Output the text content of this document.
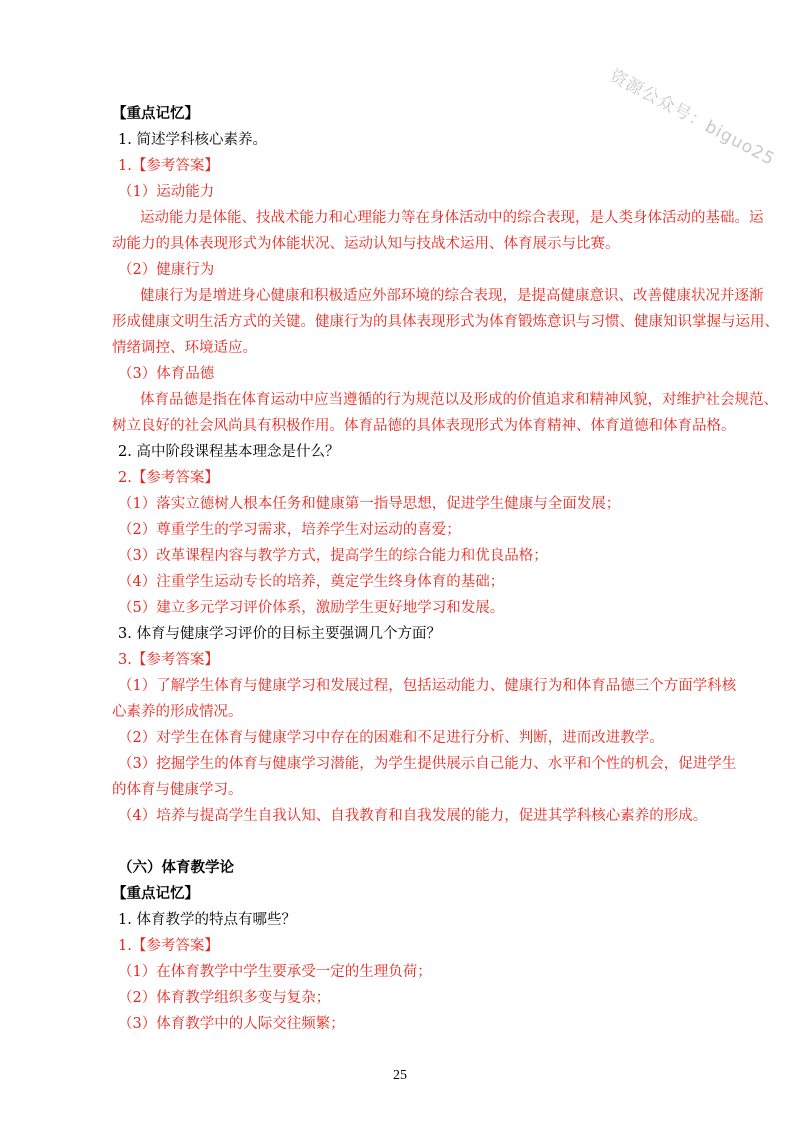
资源公众号：biguo25
【重点记忆】
1. 简述学科核心素养。
1.【参考答案】
（1）运动能力
运动能力是体能、技战术能力和心理能力等在身体活动中的综合表现，是人类身体活动的基础。运
动能力的具体表现形式为体能状况、运动认知与技战术运用、体育展示与比赛。
（2）健康行为
健康行为是增进身心健康和积极适应外部环境的综合表现，是提高健康意识、改善健康状况并逐渐
形成健康文明生活方式的关键。健康行为的具体表现形式为体育锻炼意识与习惯、健康知识掌握与运用、
情绪调控、环境适应。
（3）体育品德
体育品德是指在体育运动中应当遵循的行为规范以及形成的价值追求和精神风貌，对维护社会规范、
树立良好的社会风尚具有积极作用。体育品德的具体表现形式为体育精神、体育道德和体育品格。
2. 高中阶段课程基本理念是什么？
2.【参考答案】
（1）落实立德树人根本任务和健康第一指导思想，促进学生健康与全面发展；
（2）尊重学生的学习需求，培养学生对运动的喜爱；
（3）改革课程内容与教学方式，提高学生的综合能力和优良品格；
（4）注重学生运动专长的培养，奠定学生终身体育的基础；
（5）建立多元学习评价体系，激励学生更好地学习和发展。
3. 体育与健康学习评价的目标主要强调几个方面？
3.【参考答案】
（1）了解学生体育与健康学习和发展过程，包括运动能力、健康行为和体育品德三个方面学科核
心素养的形成情况。
（2）对学生在体育与健康学习中存在的困难和不足进行分析、判断，进而改进教学。
（3）挖掘学生的体育与健康学习潜能，为学生提供展示自己能力、水平和个性的机会，促进学生
的体育与健康学习。
（4）培养与提高学生自我认知、自我教育和自我发展的能力，促进其学科核心素养的形成。
（六）体育教学论
【重点记忆】
1. 体育教学的特点有哪些？
1.【参考答案】
（1）在体育教学中学生要承受一定的生理负荷；
（2）体育教学组织多变与复杂；
（3）体育教学中的人际交往频繁；
25
